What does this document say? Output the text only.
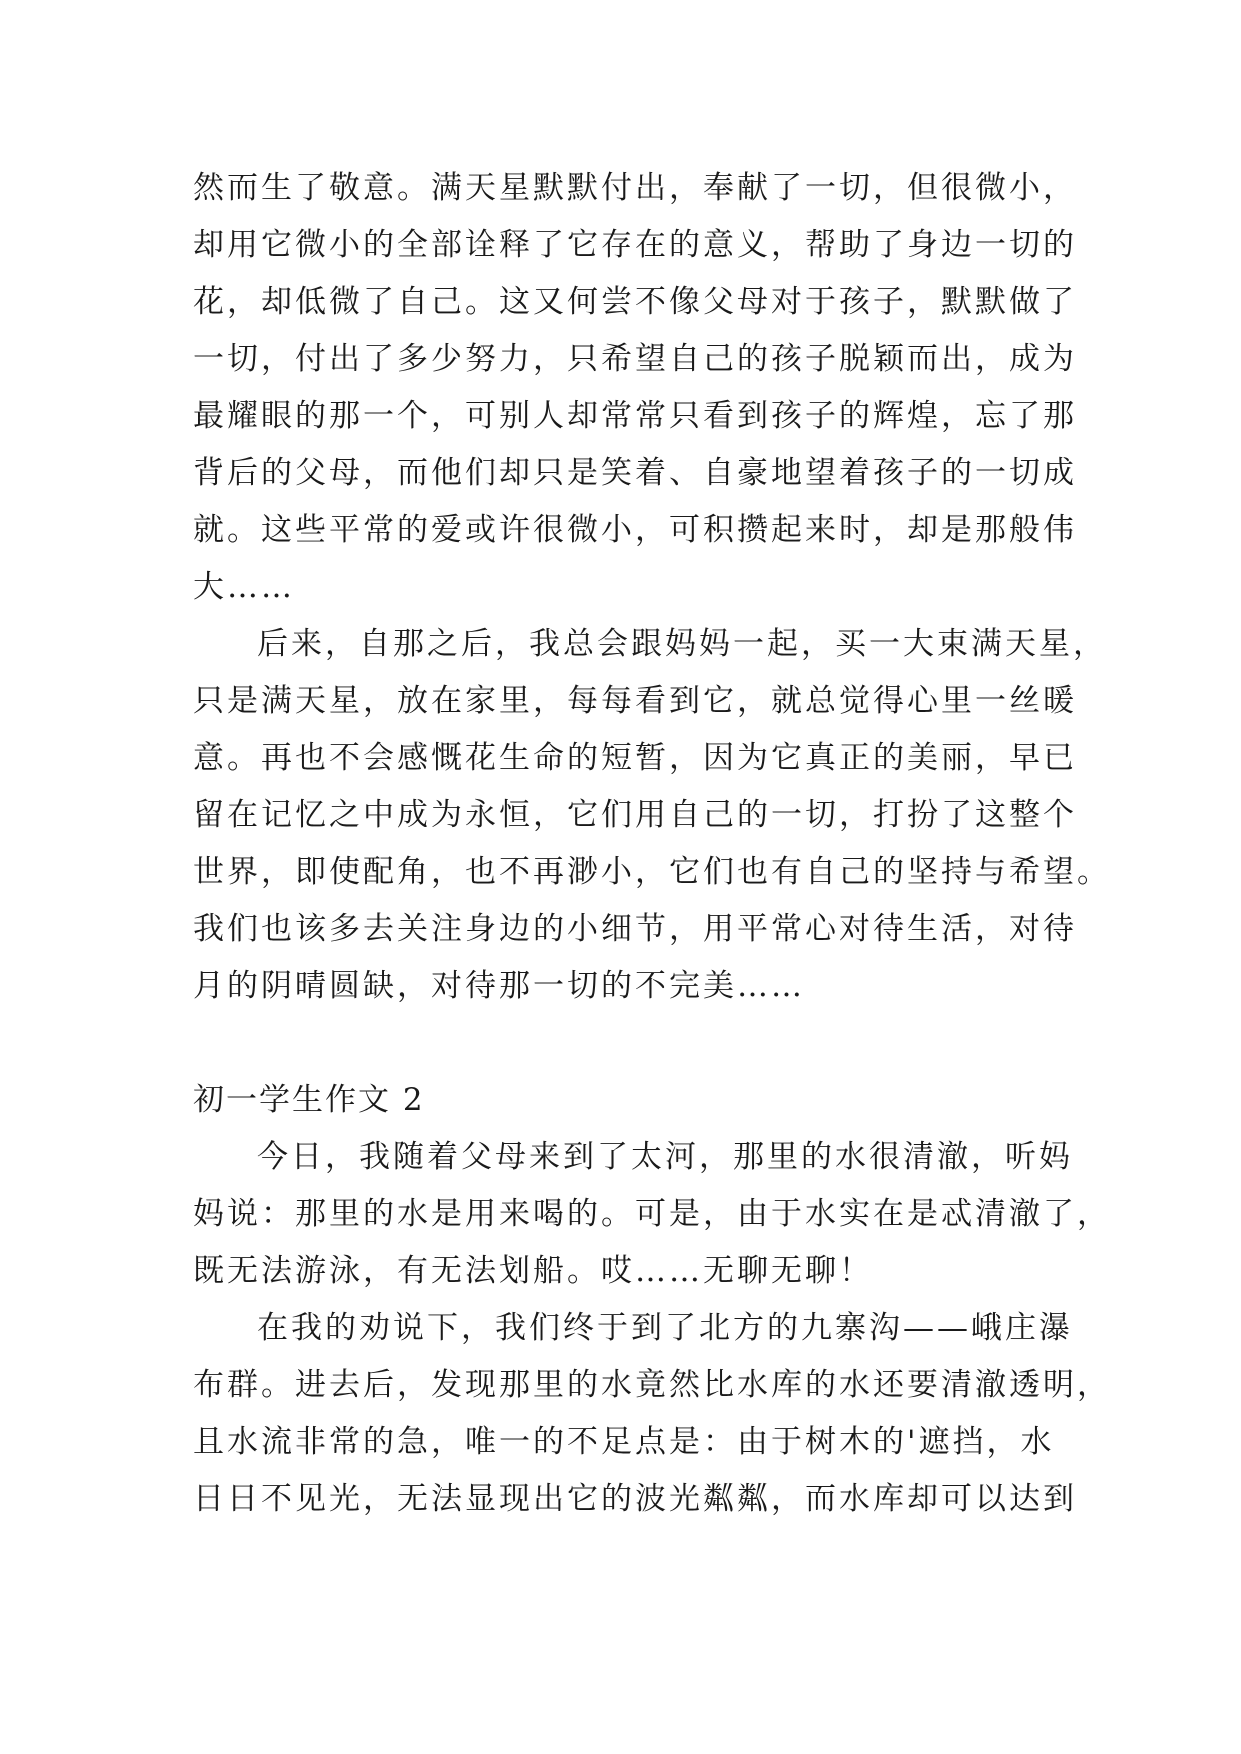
然而生了敬意。满天星默默付出，奉献了一切，但很微小，
却用它微小的全部诠释了它存在的意义，帮助了身边一切的
花，却低微了自己。这又何尝不像父母对于孩子，默默做了
一切，付出了多少努力，只希望自己的孩子脱颖而出，成为
最耀眼的那一个，可别人却常常只看到孩子的辉煌，忘了那
背后的父母，而他们却只是笑着、自豪地望着孩子的一切成
就。这些平常的爱或许很微小，可积攒起来时，却是那般伟
大……
后来，自那之后，我总会跟妈妈一起，买一大束满天星，
只是满天星，放在家里，每每看到它，就总觉得心里一丝暖
意。再也不会感慨花生命的短暂，因为它真正的美丽，早已
留在记忆之中成为永恒，它们用自己的一切，打扮了这整个
世界，即使配角，也不再渺小，它们也有自己的坚持与希望。
我们也该多去关注身边的小细节，用平常心对待生活，对待
月的阴晴圆缺，对待那一切的不完美……
初一学生作文 2
今日，我随着父母来到了太河，那里的水很清澈，听妈
妈说：那里的水是用来喝的。可是，由于水实在是忒清澈了，
既无法游泳，有无法划船。哎……无聊无聊！
在我的劝说下，我们终于到了北方的九寨沟——峨庄瀑
布群。进去后，发现那里的水竟然比水库的水还要清澈透明，
且水流非常的急，唯一的不足点是：由于树木的'遮挡，水
日日不见光，无法显现出它的波光粼粼，而水库却可以达到
